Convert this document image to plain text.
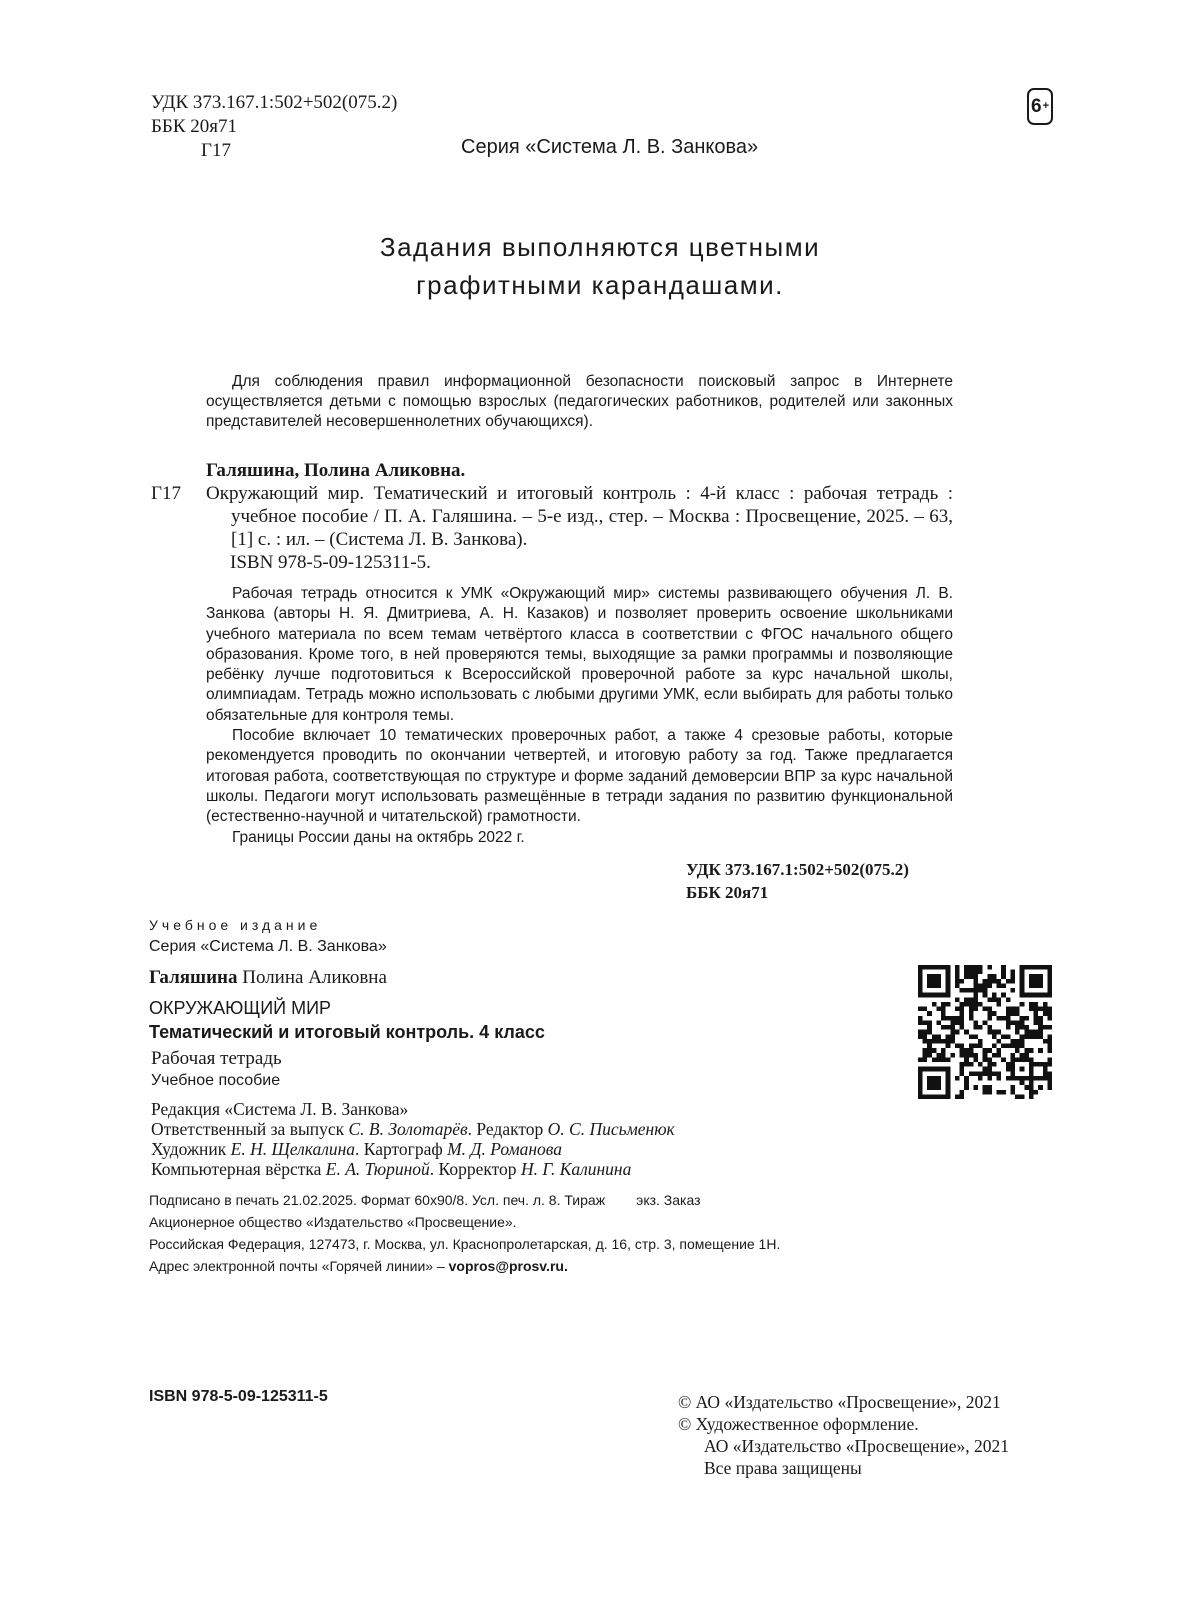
УДК 373.167.1:502+502(075.2)
ББК 20я71
Г17	Серия «Система Л. В. Занкова»
6 +
Задания выполняются цветными
графитными карандашами.
Для соблюдения правил информационной безопасности поисковый запрос в Интернете осуществляется детьми с помощью взрослых (педагогических работников, родителей или законных представителей несовершеннолетних обучающихся).
Галяшина, Полина Аликовна.
Г17	Окружающий мир. Тематический и итоговый контроль : 4-й класс : рабочая тетрадь : учебное пособие / П. А. Галяшина. – 5-е изд., стер. – Москва : Просвещение, 2025. – 63, [1] с. : ил. – (Система Л. В. Занкова).
ISBN 978-5-09-125311-5.

Рабочая тетрадь относится к УМК «Окружающий мир» системы развивающего обучения Л. В. Занкова (авторы Н. Я. Дмитриева, А. Н. Казаков) и позволяет проверить освоение школьниками учебного материала по всем темам четвёртого класса в соответствии с ФГОС начального общего образования. Кроме того, в ней проверяются темы, выходящие за рамки программы и позволяющие ребёнку лучше подготовиться к Всероссийской проверочной работе за курс начальной школы, олимпиадам. Тетрадь можно использовать с любыми другими УМК, если выбирать для работы только обязательные для контроля темы.

Пособие включает 10 тематических проверочных работ, а также 4 срезовые работы, которые рекомендуется проводить по окончании четвертей, и итоговую работу за год. Также предлагается итоговая работа, соответствующая по структуре и форме заданий демоверсии ВПР за курс начальной школы. Педагоги могут использовать размещённые в тетради задания по развитию функциональной (естественно-научной и читательской) грамотности.

Границы России даны на октябрь 2022 г.

УДК 373.167.1:502+502(075.2)
ББК 20я71
Учебное издание
Серия «Система Л. В. Занкова»
Галяшина Полина Аликовна
ОКРУЖАЮЩИЙ МИР
Тематический и итоговый контроль. 4 класс
Рабочая тетрадь
Учебное пособие
Редакция «Система Л. В. Занкова»
Ответственный за выпуск С. В. Золотарёв. Редактор О. С. Письменюк
Художник Е. Н. Щелкалина. Картограф М. Д. Романова
Компьютерная вёрстка Е. А. Тюриной. Корректор Н. Г. Калинина
Подписано в печать 21.02.2025. Формат 60x90/8. Усл. печ. л. 8. Тираж        экз. Заказ
Акционерное общество «Издательство «Просвещение».
Российская Федерация, 127473, г. Москва, ул. Краснопролетарская, д. 16, стр. 3, помещение 1Н.
Адрес электронной почты «Горячей линии» – vopros@prosv.ru.
ISBN 978-5-09-125311-5	© АО «Издательство «Просвещение», 2021
© Художественное оформление.
АО «Издательство «Просвещение», 2021
Все права защищены
